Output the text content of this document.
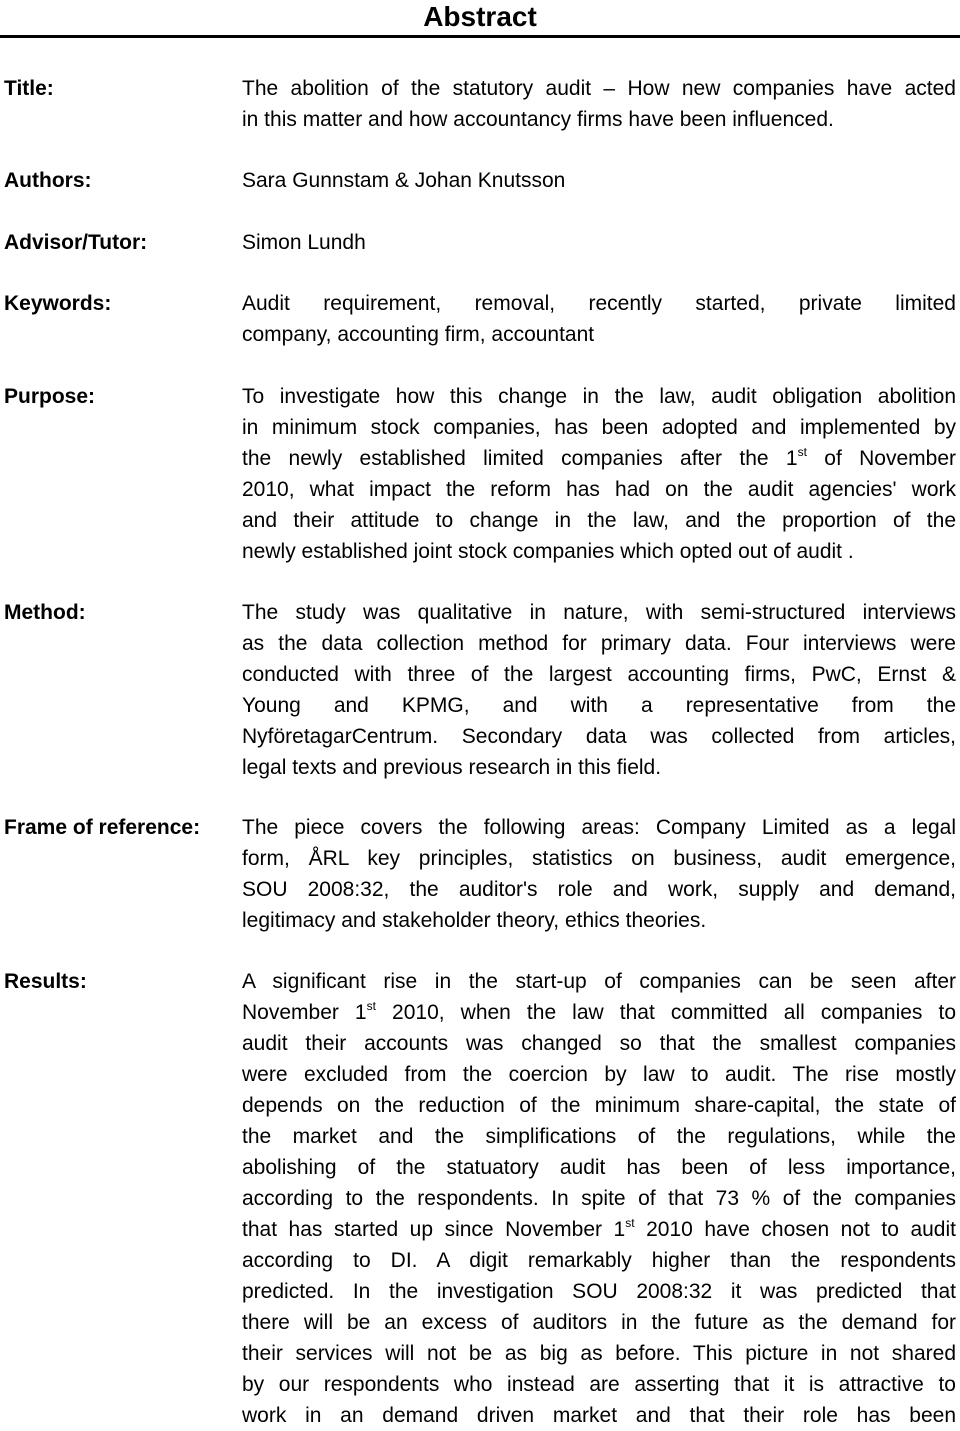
Abstract
Title:	The abolition of the statutory audit – How new companies have acted
in this matter and how accountancy firms have been influenced.
Authors:	Sara Gunnstam & Johan Knutsson
Advisor/Tutor:	Simon Lundh
Keywords:	Audit requirement, removal, recently started, private limited
company, accounting firm, accountant
Purpose:	To investigate how this change in the law, audit obligation abolition
in minimum stock companies, has been adopted and implemented by
the newly established limited companies after the 1st of November
2010, what impact the reform has had on the audit agencies' work
and their attitude to change in the law, and the proportion of the
newly established joint stock companies which opted out of audit .
Method:	The study was qualitative in nature, with semi-structured interviews
as the data collection method for primary data. Four interviews were
conducted with three of the largest accounting firms, PwC, Ernst &
Young and KPMG, and with a representative from the
NyföretagarCentrum. Secondary data was collected from articles,
legal texts and previous research in this field.
Frame of reference:	The piece covers the following areas: Company Limited as a legal
form, ÅRL key principles, statistics on business, audit emergence,
SOU 2008:32, the auditor's role and work, supply and demand,
legitimacy and stakeholder theory, ethics theories.
Results:	A significant rise in the start-up of companies can be seen after
November 1st 2010, when the law that committed all companies to
audit their accounts was changed so that the smallest companies
were excluded from the coercion by law to audit. The rise mostly
depends on the reduction of the minimum share-capital, the state of
the market and the simplifications of the regulations, while the
abolishing of the statuatory audit has been of less importance,
according to the respondents. In spite of that 73 % of the companies
that has started up since November 1st 2010 have chosen not to audit
according to DI. A digit remarkably higher than the respondents
predicted. In the investigation SOU 2008:32 it was predicted that
there will be an excess of auditors in the future as the demand for
their services will not be as big as before. This picture in not shared
by our respondents who instead are asserting that it is attractive to
work in an demand driven market and that their role has been
